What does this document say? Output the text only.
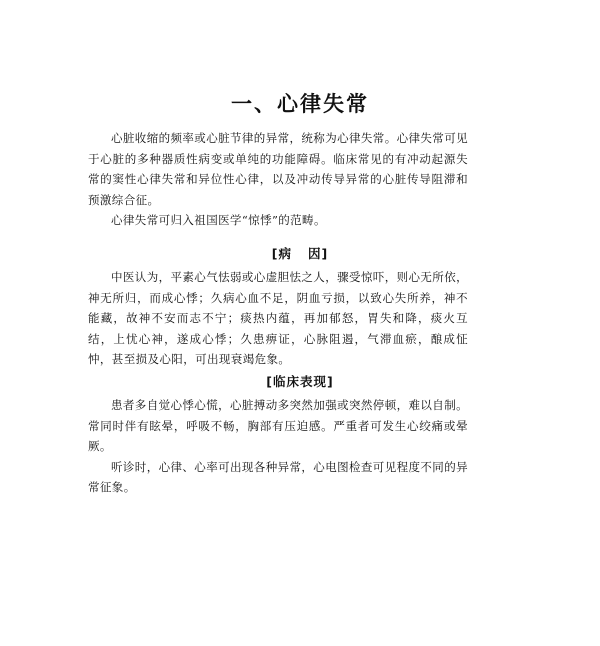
一、心律失常

心脏收缩的频率或心脏节律的异常，统称为心律失常。心律失常可见于心脏的多种器质性病变或单纯的功能障碍。临床常见的有冲动起源失常的窦性心律失常和异位性心律，以及冲动传导异常的心脏传导阻滞和预激综合征。

心律失常可归入祖国医学“惊悸”的范畴。

[病 因]

中医认为，平素心气怯弱或心虚胆怯之人，骤受惊吓，则心无所依，神无所归，而成心悸；久病心血不足，阴血亏损，以致心失所养，神不能藏，故神不安而志不宁；痰热内蕴，再加郁怒，胃失和降，痰火互结，上忧心神，遂成心悸；久患痹证，心脉阻遏，气滞血瘀，酿成怔忡，甚至损及心阳，可出现衰竭危象。

[临床表现]

患者多自觉心悸心慌，心脏搏动多突然加强或突然停顿，难以自制。常同时伴有眩晕，呼吸不畅，胸部有压迫感。严重者可发生心绞痛或晕厥。

听诊时，心律、心率可出现各种异常，心电图检查可见程度不同的异常征象。
